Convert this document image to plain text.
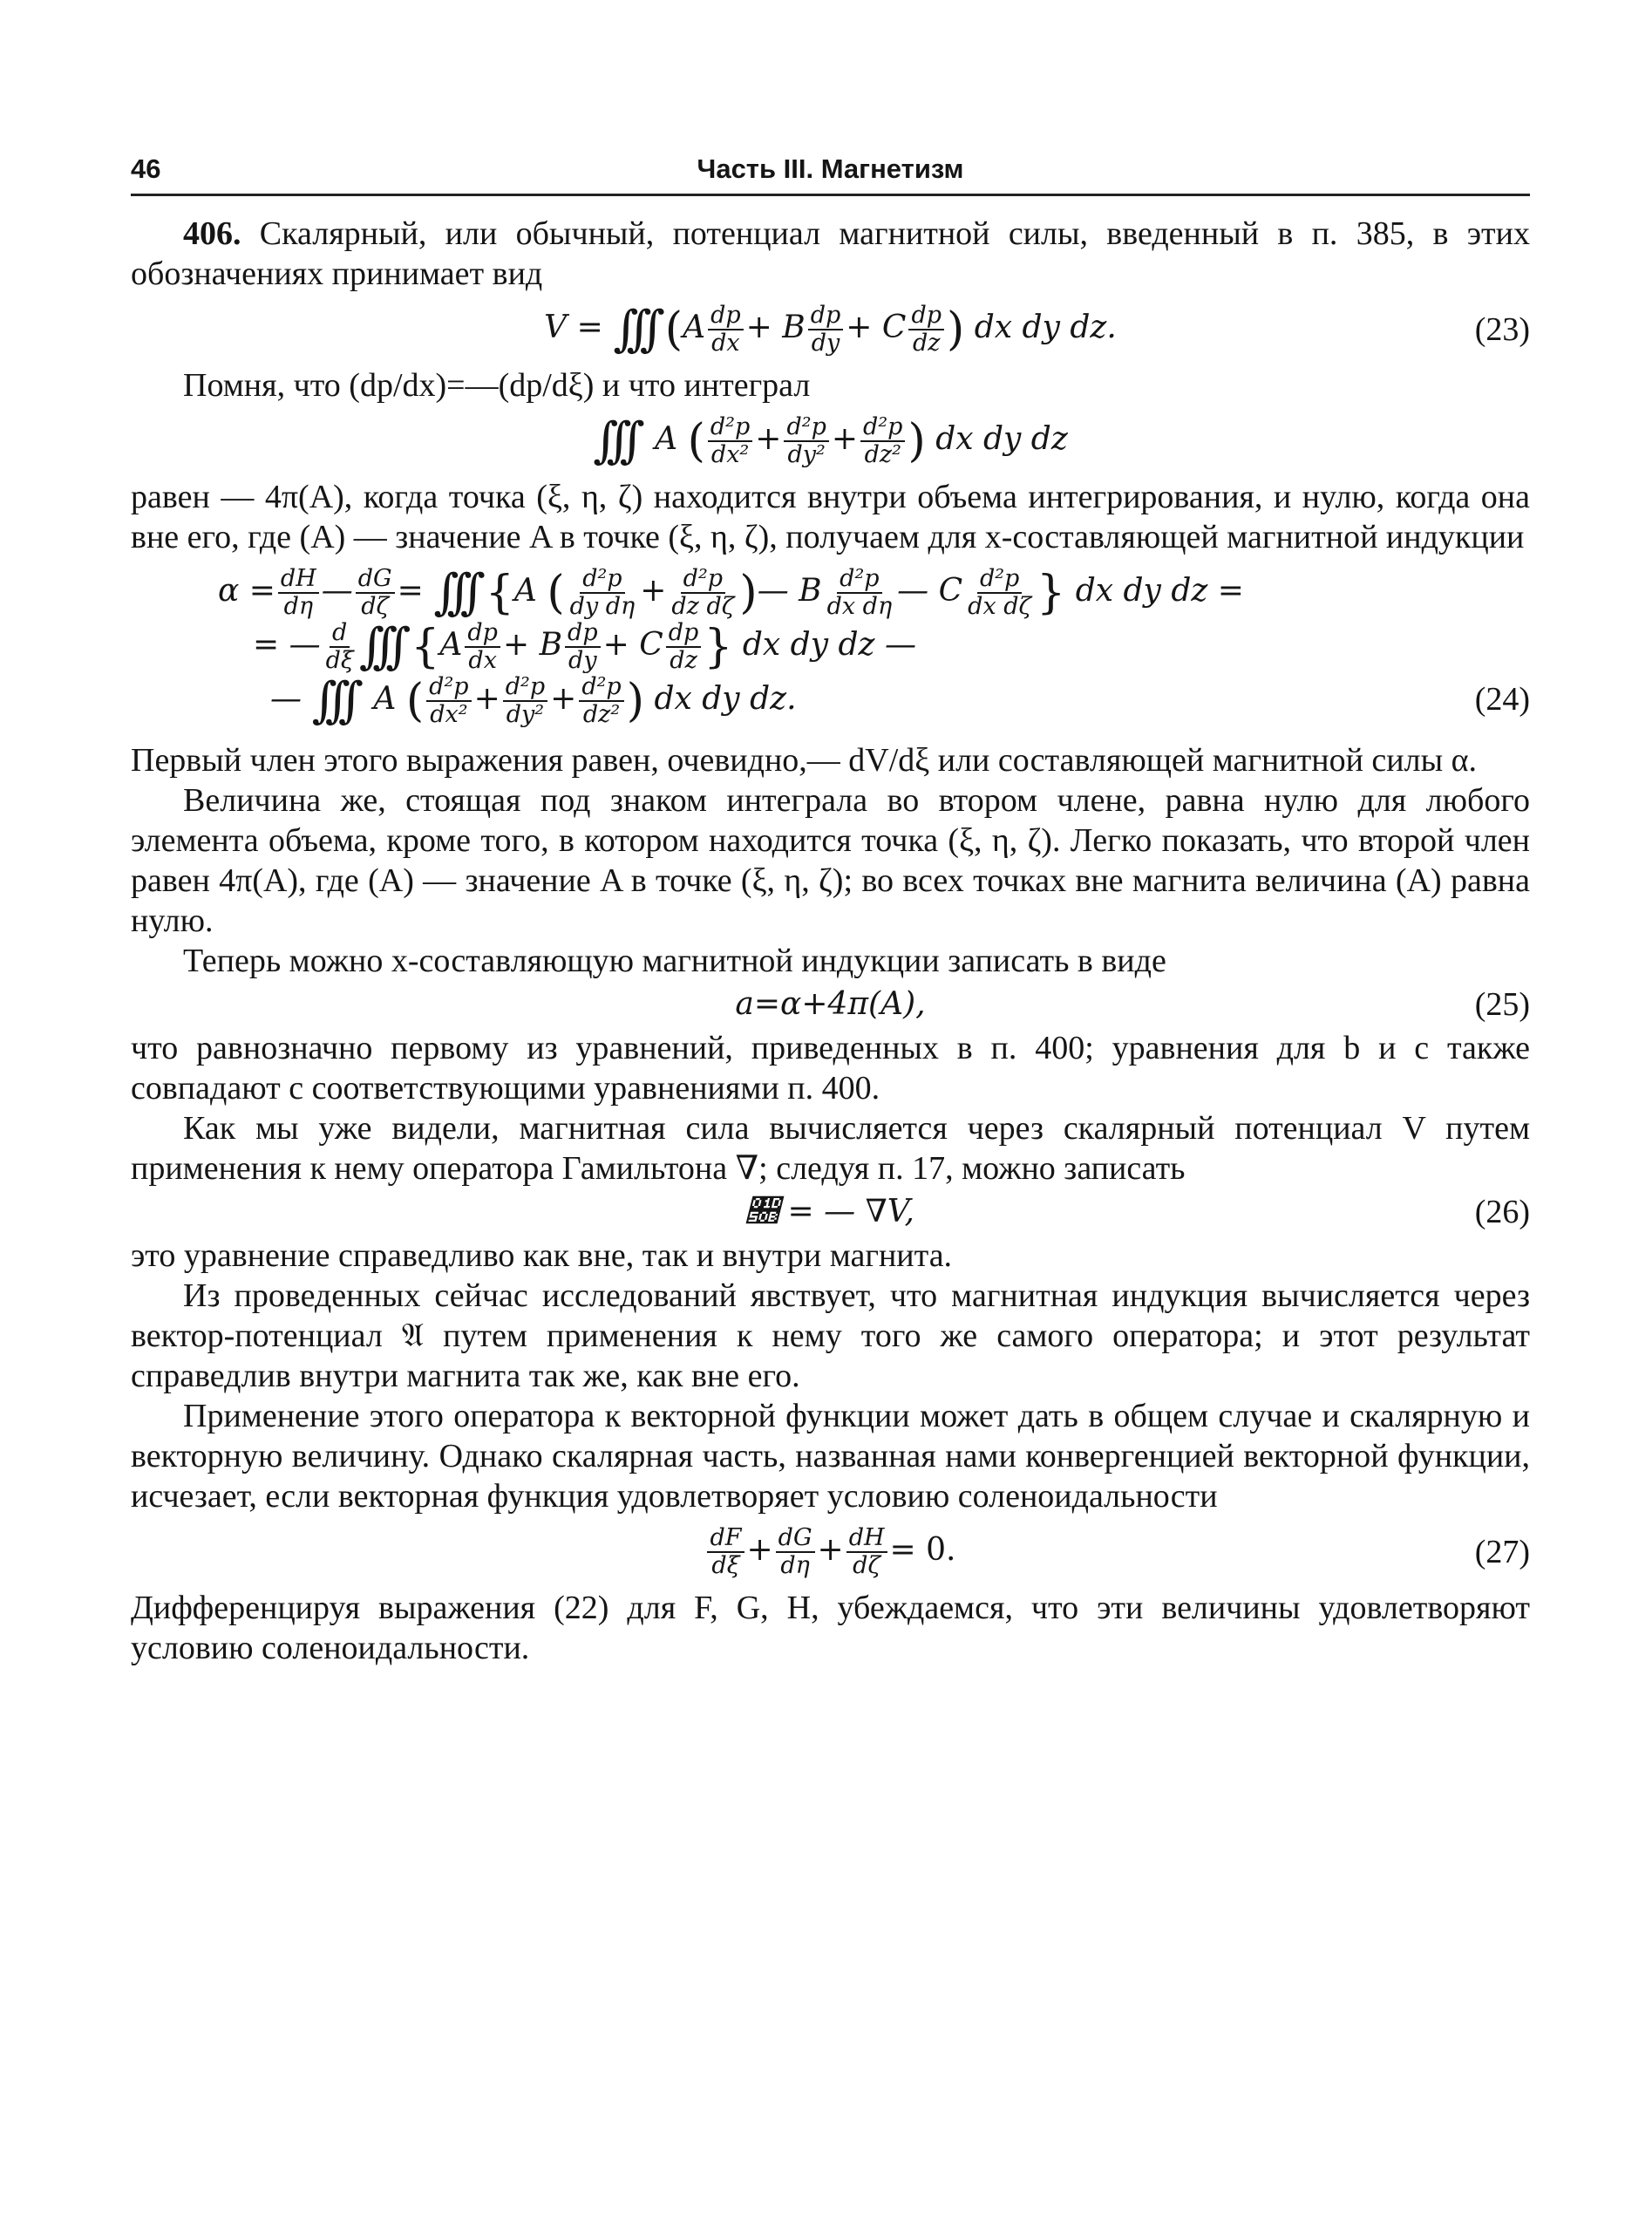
46	Часть III. Магнетизм

406. Скалярный, или обычный, потенциал магнитной силы, введенный в п. 385, в этих обозначениях принимает вид

V = ∫∫∫ ($A \frac{dp}{dx} + B \frac{dp}{dy} + C \frac{dp}{dz}$ ) dx dy dz.	(23)

Помня, что (dp/dx)=—(dp/dξ) и что интеграл

∫∫∫ A ( $\frac{\text{d²p}}{\text{dx²}} + \frac{\text{d²p}}{\text{dy²}} + \frac{\text{d²p}}{\text{dz²}}$ ) dx dy dz

равен — 4π(A), когда точка (ξ, η, ζ) находится внутри объема интегрирования, и нулю, когда она вне его, где (A) — значение A в точке (ξ, η, ζ), получаем для x-составляющей магнитной индукции

$\alpha = \frac{dH}{d\eta}$ — $\frac{dG}{d\zeta}$ = ∫∫∫ {A ( $\frac{\text{d²p}}{\text{dy dη}} + \frac{\text{d²p}}{\text{dz dζ}}$ )— B $\frac{\text{d²p}}{\text{dx dη}}$ — C $\frac{\text{d²p}}{\text{dx dζ}}$ } dx dy dz =
= — $\frac{d}{d\xi}$ ∫∫∫ {$A \frac{dp}{dx} + B \frac{dp}{dy} + C \frac{dp}{dz}$ } dx dy dz —
— ∫∫∫ A ( $\frac{\text{d²p}}{\text{dx²}} + \frac{\text{d²p}}{\text{dy²}} + \frac{\text{d²p}}{\text{dz²}}$ ) dx dy dz.	(24)

Первый член этого выражения равен, очевидно,— dV/dξ или составляющей магнитной силы α.

Величина же, стоящая под знаком интеграла во втором члене, равна нулю для любого элемента объема, кроме того, в котором находится точка (ξ, η, ζ). Легко показать, что второй член равен 4π(A), где (A) — значение A в точке (ξ, η, ζ); во всех точках вне магнита величина (A) равна нулю.

Теперь можно x-составляющую магнитной индукции записать в виде

a=α+4π(A),	(25)

что равнозначно первому из уравнений, приведенных в п. 400; уравнения для b и c также совпадают с соответствующими уравнениями п. 400.

Как мы уже видели, магнитная сила вычисляется через скалярный потенциал V путем применения к нему оператора Гамильтона ∇; следуя п. 17, можно записать

𝔋 = — ∇V,	(26)

это уравнение справедливо как вне, так и внутри магнита.

Из проведенных сейчас исследований явствует, что магнитная индукция вычисляется через вектор-потенциал 𝔄 путем применения к нему того же самого оператора; и этот результат справедлив внутри магнита так же, как вне его.

Применение этого оператора к векторной функции может дать в общем случае и скалярную и векторную величину. Однако скалярная часть, названная нами конвергенцией векторной функции, исчезает, если векторная функция удовлетворяет условию соленоидальности

$\frac{dF}{d\xi} + \frac{dG}{d\eta} + \frac{dH}{d\zeta} = 0$.	(27)

Дифференцируя выражения (22) для F, G, H, убеждаемся, что эти величины удовлетворяют условию соленоидальности.
